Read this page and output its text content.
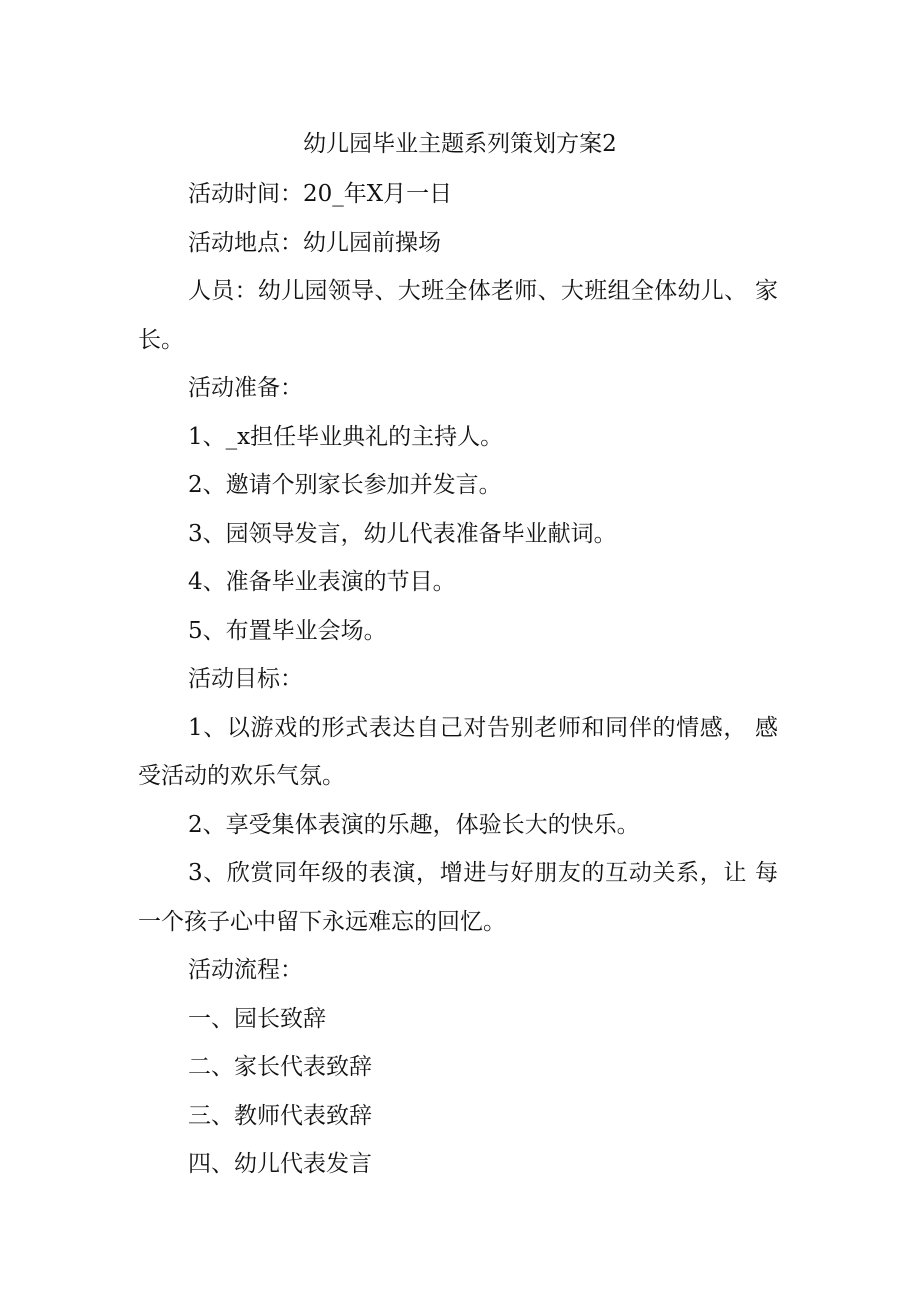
幼儿园毕业主题系列策划方案2
活动时间：20_年X月一日
活动地点：幼儿园前操场
人员：幼儿园领导、大班全体老师、大班组全体幼儿、 家
长。
活动准备：
1、_x担任毕业典礼的主持人。
2、邀请个别家长参加并发言。
3、园领导发言，幼儿代表准备毕业献词。
4、准备毕业表演的节目。
5、布置毕业会场。
活动目标：
1、以游戏的形式表达自己对告别老师和同伴的情感， 感
受活动的欢乐气氛。
2、享受集体表演的乐趣，体验长大的快乐。
3、欣赏同年级的表演，增进与好朋友的互动关系，让 每
一个孩子心中留下永远难忘的回忆。
活动流程：
一、园长致辞
二、家长代表致辞
三、教师代表致辞
四、幼儿代表发言
